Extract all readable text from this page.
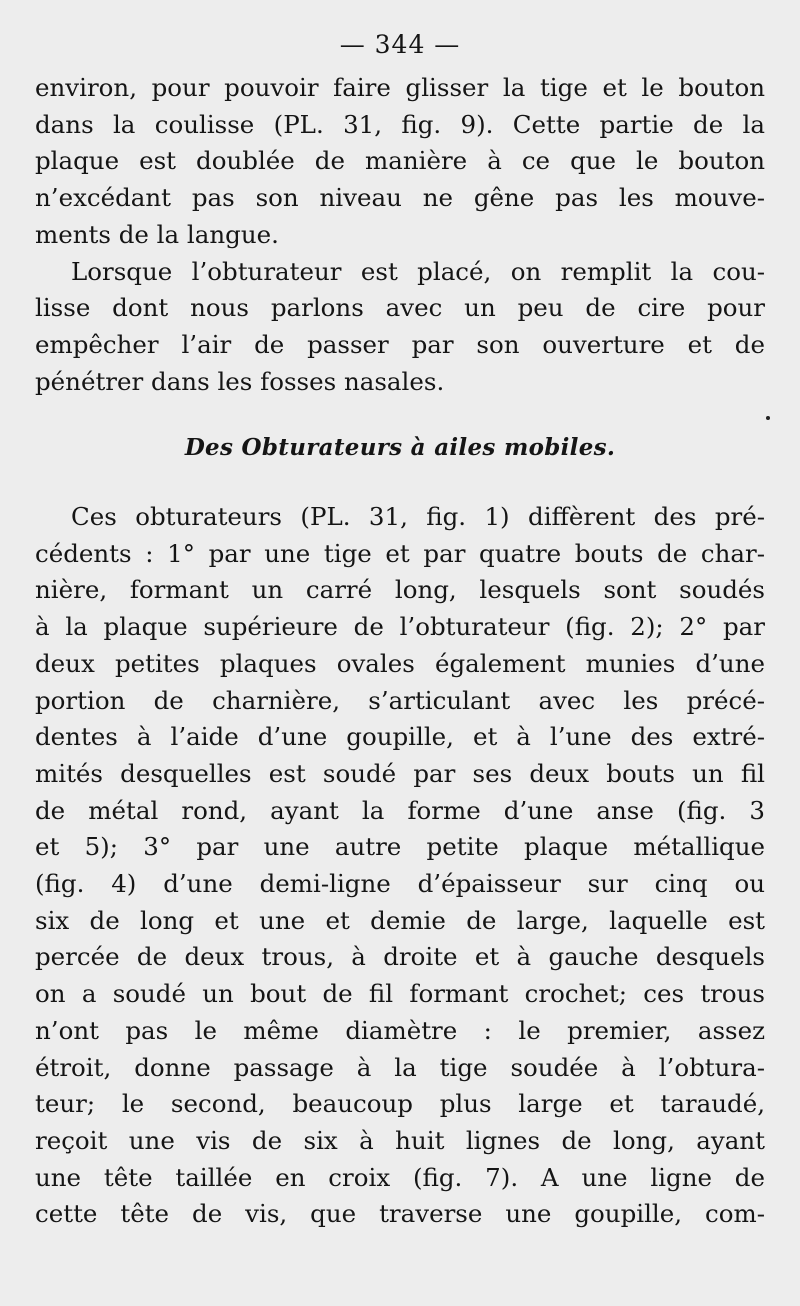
— 344 —

environ, pour pouvoir faire glisser la tige et le bouton
dans la coulisse (PL. 31, fig. 9). Cette partie de la
plaque est doublée de manière à ce que le bouton
n’excédant pas son niveau ne gêne pas les mouve-
ments de la langue.

Lorsque l’obturateur est placé, on remplit la cou-
lisse dont nous parlons avec un peu de cire pour
empêcher l’air de passer par son ouverture et de
pénétrer dans les fosses nasales.

Des Obturateurs à ailes mobiles.

Ces obturateurs (PL. 31, fig. 1) diffèrent des pré-
cédents : 1° par une tige et par quatre bouts de char-
nière, formant un carré long, lesquels sont soudés
à la plaque supérieure de l’obturateur (fig. 2); 2° par
deux petites plaques ovales également munies d’une
portion de charnière, s’articulant avec les précé-
dentes à l’aide d’une goupille, et à l’une des extré-
mités desquelles est soudé par ses deux bouts un fil
de métal rond, ayant la forme d’une anse (fig. 3
et 5); 3° par une autre petite plaque métallique
(fig. 4) d’une demi-ligne d’épaisseur sur cinq ou
six de long et une et demie de large, laquelle est
percée de deux trous, à droite et à gauche desquels
on a soudé un bout de fil formant crochet; ces trous
n’ont pas le même diamètre : le premier, assez
étroit, donne passage à la tige soudée à l’obtura-
teur; le second, beaucoup plus large et taraudé,
reçoit une vis de six à huit lignes de long, ayant
une tête taillée en croix (fig. 7). A une ligne de
cette tête de vis, que traverse une goupille, com-
